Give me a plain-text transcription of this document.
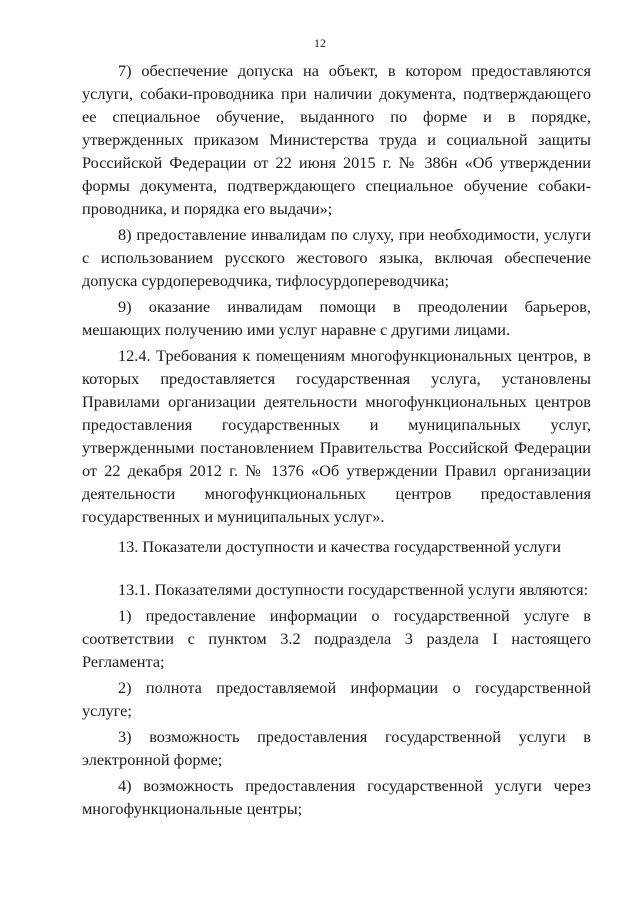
12

7) обеспечение допуска на объект, в котором предоставляются услуги, собаки-проводника при наличии документа, подтверждающего ее специальное обучение, выданного по форме и в порядке, утвержденных приказом Министерства труда и социальной защиты Российской Федерации от 22 июня 2015 г. № 386н «Об утверждении формы документа, подтверждающего специальное обучение собаки-проводника, и порядка его выдачи»;

8) предоставление инвалидам по слуху, при необходимости, услуги с использованием русского жестового языка, включая обеспечение допуска сурдопереводчика, тифлосурдопереводчика;

9) оказание инвалидам помощи в преодолении барьеров, мешающих получению ими услуг наравне с другими лицами.

12.4. Требования к помещениям многофункциональных центров, в которых предоставляется государственная услуга, установлены Правилами организации деятельности многофункциональных центров предоставления государственных и муниципальных услуг, утвержденными постановлением Правительства Российской Федерации от 22 декабря 2012 г. № 1376 «Об утверждении Правил организации деятельности многофункциональных центров предоставления государственных и муниципальных услуг».

13. Показатели доступности и качества государственной услуги

13.1. Показателями доступности государственной услуги являются:

1) предоставление информации о государственной услуге в соответствии с пунктом 3.2 подраздела 3 раздела I настоящего Регламента;

2) полнота предоставляемой информации о государственной услуге;

3) возможность предоставления государственной услуги в электронной форме;

4) возможность предоставления государственной услуги через многофункциональные центры;
